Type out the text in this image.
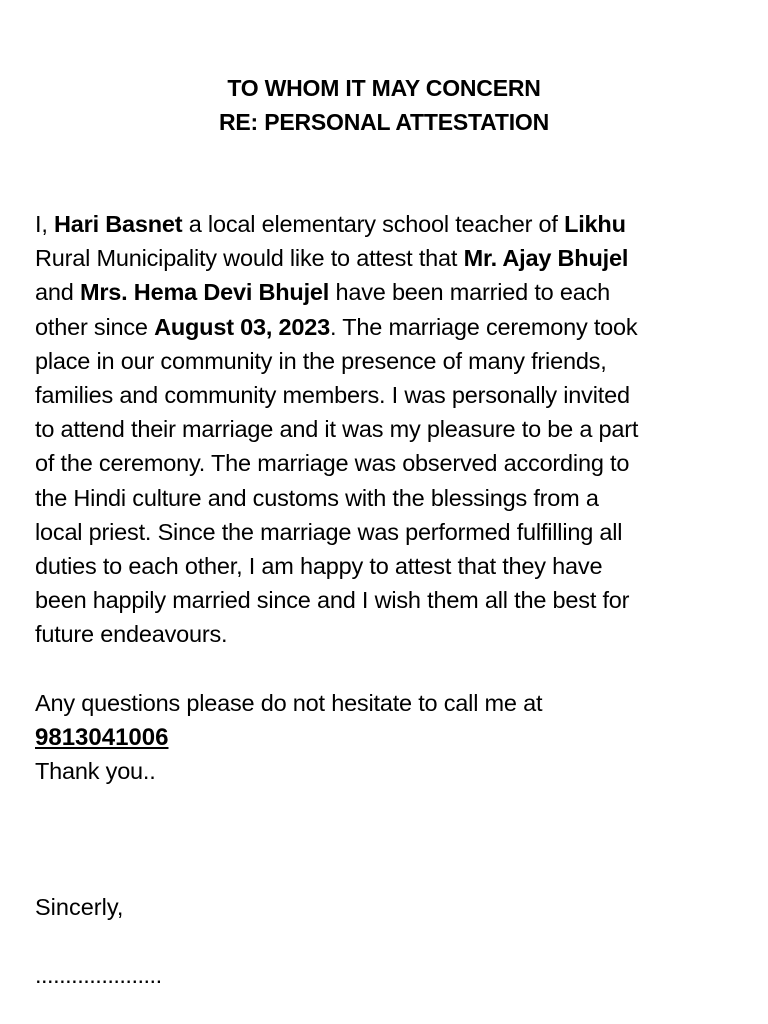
TO WHOM IT MAY CONCERN
RE: PERSONAL ATTESTATION
I, Hari Basnet a local elementary school teacher of Likhu
Rural Municipality would like to attest that Mr. Ajay Bhujel
and Mrs. Hema Devi Bhujel have been married to each
other since August 03, 2023. The marriage ceremony took
place in our community in the presence of many friends,
families and community members. I was personally invited
to attend their marriage and it was my pleasure to be a part
of the ceremony. The marriage was observed according to
the Hindi culture and customs with the blessings from a
local priest. Since the marriage was performed fulfilling all
duties to each other, I am happy to attest that they have
been happily married since and I wish them all the best for
future endeavours.
Any questions please do not hesitate to call me at
9813041006
Thank you..
Sincerly,
.....................
